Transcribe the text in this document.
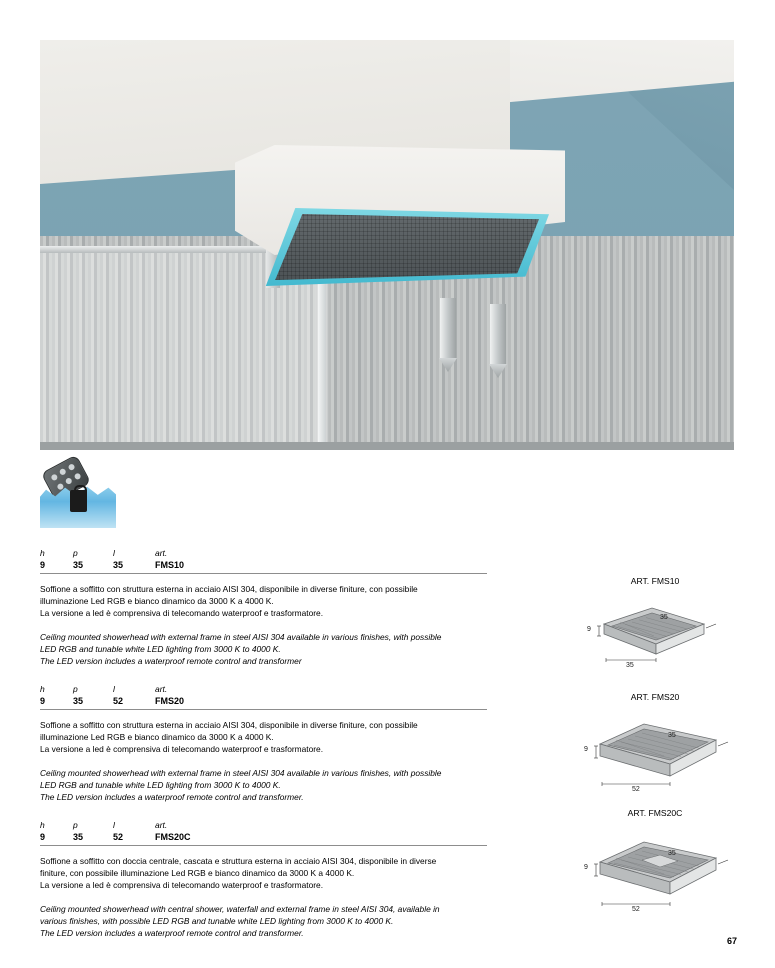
h	p	l	art.
9	35	35	FMS10

Soffione a soffitto con struttura esterna in acciaio AISI 304, disponibile in diverse finiture, con possibile

illuminazione Led RGB e bianco dinamico da 3000 K a 4000 K.

La versione a led è comprensiva di telecomando waterproof e trasformatore.

Ceiling mounted showerhead with external frame in steel AISI 304 available in various finishes, with possible

LED RGB and tunable white LED lighting from 3000 K to 4000 K.

The LED version includes a waterproof remote control and transformer

h	p	l	art.
9	35	52	FMS20

Soffione a soffitto con struttura esterna in acciaio AISI 304, disponibile in diverse finiture, con possibile

illuminazione Led RGB e bianco dinamico da 3000 K a 4000 K.

La versione a led è comprensiva di telecomando waterproof e trasformatore.

Ceiling mounted showerhead with external frame in steel AISI 304 available in various finishes, with possible

LED RGB and tunable white LED lighting from 3000 K to 4000 K.

The LED version includes a waterproof remote control and transformer.

h	p	l	art.
9	35	52	FMS20C

Soffione a soffitto con doccia centrale, cascata e struttura esterna in acciaio AISI 304, disponibile in diverse

finiture, con possibile illuminazione Led RGB e bianco dinamico da 3000 K a 4000 K.

La versione a led è comprensiva di telecomando waterproof e trasformatore.

Ceiling mounted showerhead with central shower, waterfall and external frame in steel AISI 304, available in

various finishes, with possible LED RGB and tunable white LED lighting from 3000 K to 4000 K.

The LED version includes a waterproof remote control and transformer.

ART. FMS10
9
35
35
ART. FMS20
9
35
52
ART. FMS20C
9
35
52
67
